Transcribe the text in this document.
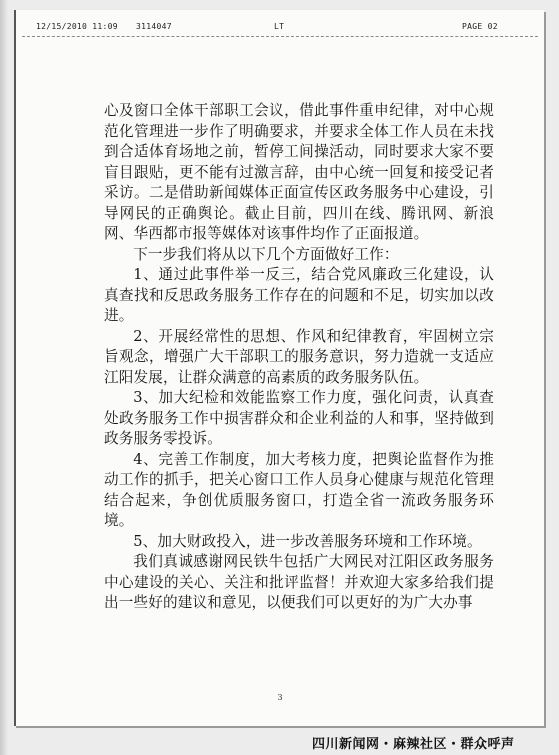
12/15/2010 11:09 3114047	LT	PAGE 02

心及窗口全体干部职工会议，借此事件重申纪律，对中心规范化管理进一步作了明确要求，并要求全体工作人员在未找到合适体育场地之前，暂停工间操活动，同时要求大家不要盲目跟贴，更不能有过激言辞，由中心统一回复和接受记者采访。二是借助新闻媒体正面宣传区政务服务中心建设，引导网民的正确舆论。截止目前，四川在线、腾讯网、新浪网、华西都市报等媒体对该事件均作了正面报道。

下一步我们将从以下几个方面做好工作：

1、通过此事件举一反三，结合党风廉政三化建设，认真查找和反思政务服务工作存在的问题和不足，切实加以改进。

2、开展经常性的思想、作风和纪律教育，牢固树立宗旨观念，增强广大干部职工的服务意识，努力造就一支适应江阳发展，让群众满意的高素质的政务服务队伍。

3、加大纪检和效能监察工作力度，强化问责，认真查处政务服务工作中损害群众和企业利益的人和事，坚持做到政务服务零投诉。

4、完善工作制度，加大考核力度，把舆论监督作为推动工作的抓手，把关心窗口工作人员身心健康与规范化管理结合起来，争创优质服务窗口，打造全省一流政务服务环境。

5、加大财政投入，进一步改善服务环境和工作环境。

我们真诚感谢网民铁牛包括广大网民对江阳区政务服务中心建设的关心、关注和批评监督！并欢迎大家多给我们提出一些好的建议和意见，以便我们可以更好的为广大办事

3
四川新闻网・麻辣社区・群众呼声
